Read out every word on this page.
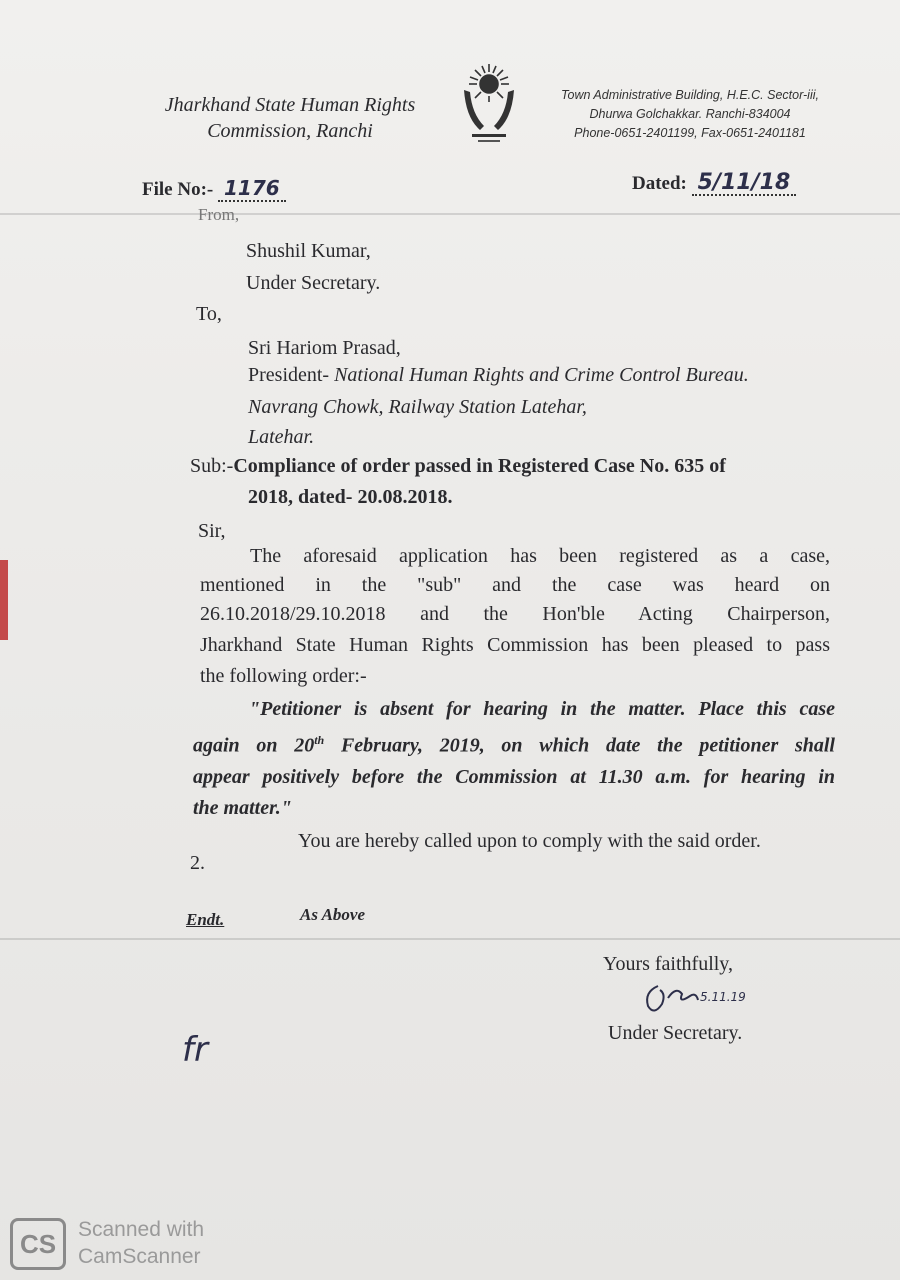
Jharkhand State Human Rights
Commission, Ranchi
Town Administrative Building, H.E.C. Sector-iii,
Dhurwa Golchakkar. Ranchi-834004
Phone-0651-2401199, Fax-0651-2401181
File No:- 1176	Dated: 5/11/18
From,
Shushil Kumar,
Under Secretary.
To,
Sri Hariom Prasad,
President- National Human Rights and Crime Control Bureau.
Navrang Chowk, Railway Station Latehar,
Latehar.
Sub:-Compliance of order passed in Registered Case No. 635 of
2018, dated- 20.08.2018.
Sir,
The aforesaid application has been registered as a case,
mentioned in the "sub" and the case was heard on
26.10.2018/29.10.2018 and the Hon'ble Acting Chairperson,
Jharkhand State Human Rights Commission has been pleased to pass
the following order:-
"Petitioner is absent for hearing in the matter. Place this case
again on 20th February, 2019, on which date the petitioner shall
appear positively before the Commission at 11.30 a.m. for hearing in
the matter."
2.
You are hereby called upon to comply with the said order.
Endt.	As Above
Yours faithfully,
5.11.19
Under Secretary.
fr
CS	Scanned with
CamScanner
